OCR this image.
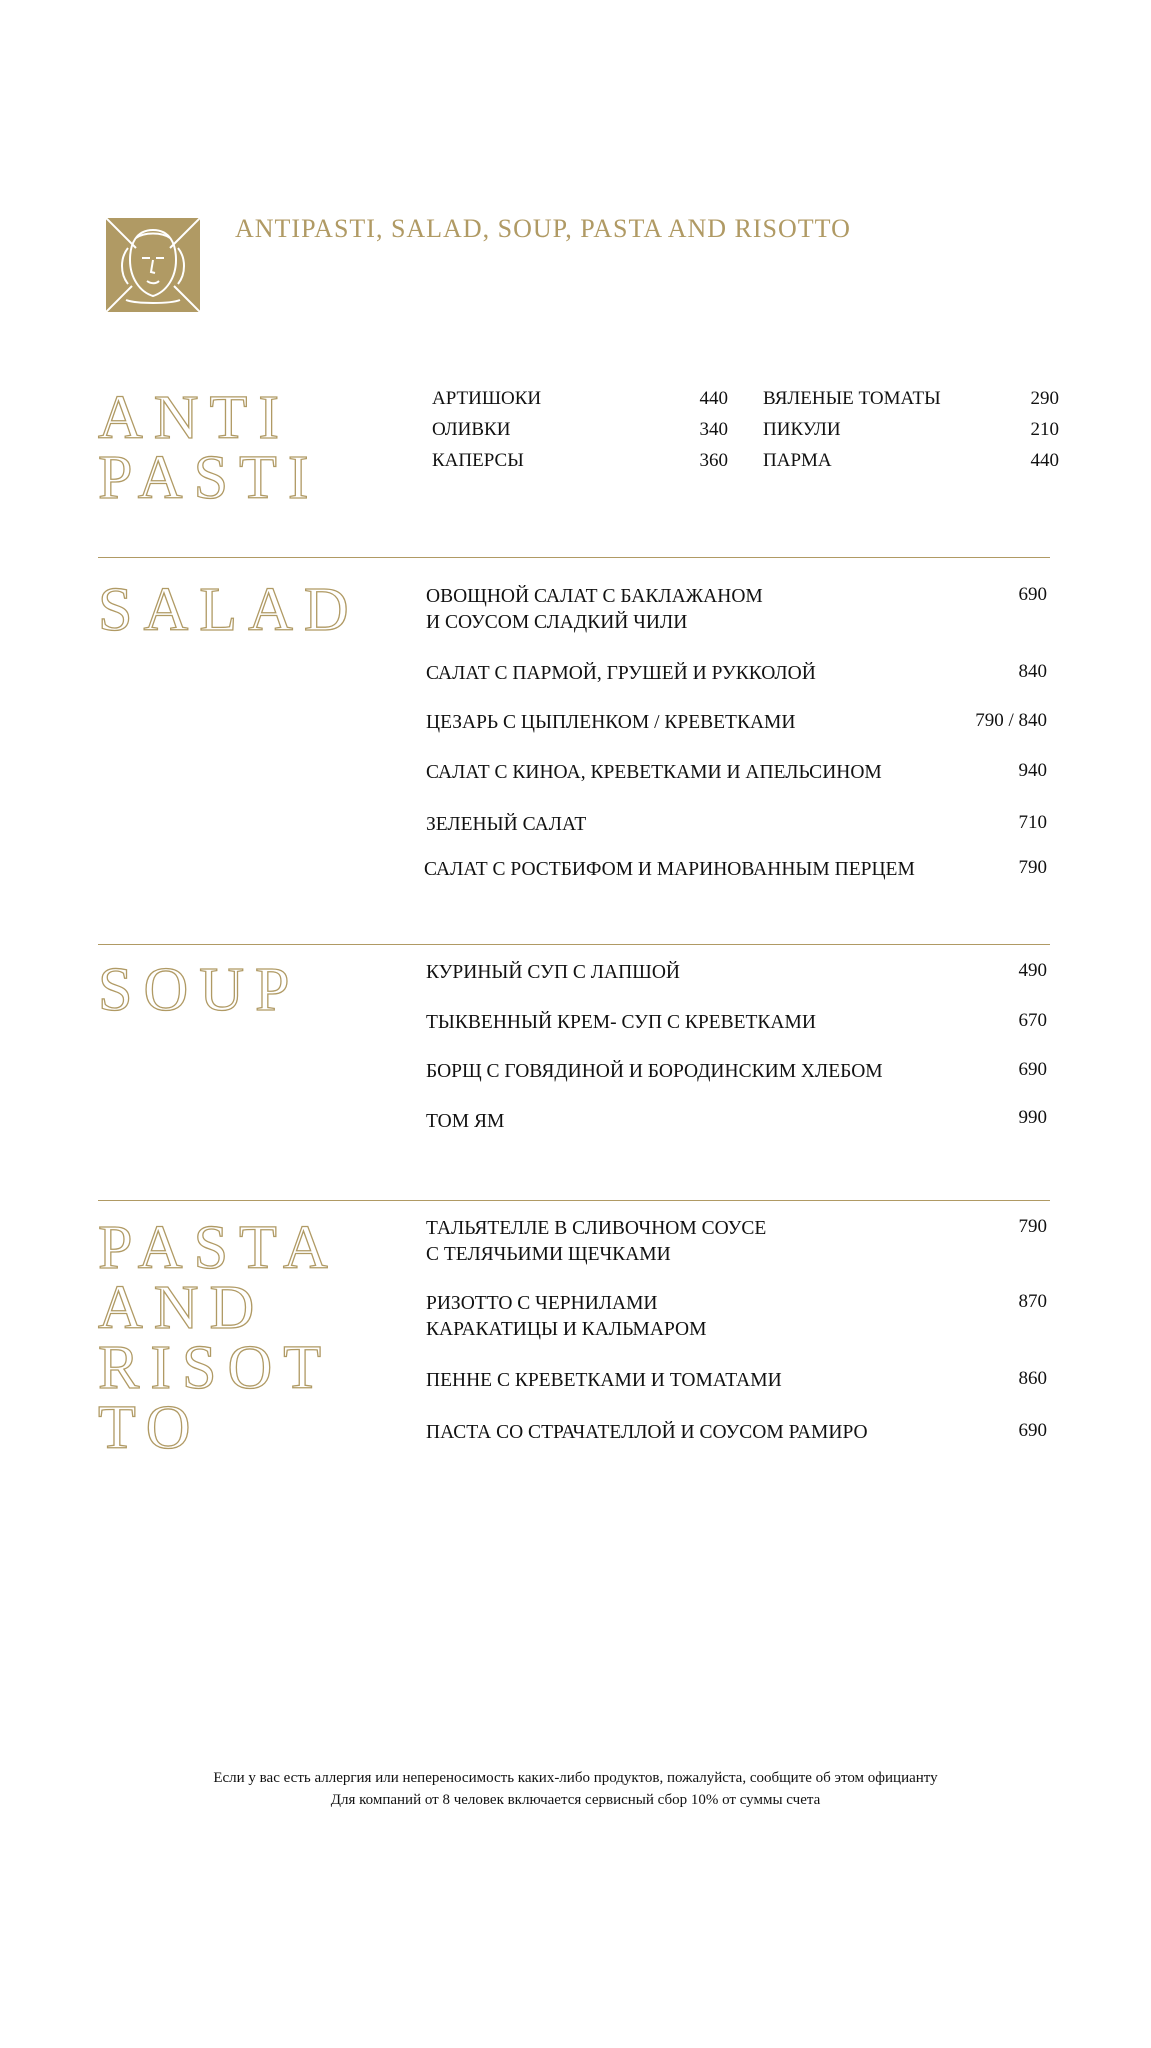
ANTIPASTI, SALAD, SOUP, PASTA AND RISOTTO
ANTI
PASTI
АРТИШОКИ	440
ОЛИВКИ	340
КАПЕРСЫ	360
ВЯЛЕНЫЕ ТОМАТЫ	290
ПИКУЛИ	210
ПАРМА	440
SALAD	ОВОЩНОЙ САЛАТ С БАКЛАЖАНОМ
И СОУСОМ СЛАДКИЙ ЧИЛИ
690
САЛАТ С ПАРМОЙ, ГРУШЕЙ И РУККОЛОЙ	840
ЦЕЗАРЬ С ЦЫПЛЕНКОМ / КРЕВЕТКАМИ	790 / 840
САЛАТ С КИНОА, КРЕВЕТКАМИ И АПЕЛЬСИНОМ	940
ЗЕЛЕНЫЙ САЛАТ	710
САЛАТ С РОСТБИФОМ И МАРИНОВАННЫМ ПЕРЦЕМ	790
SOUP	КУРИНЫЙ СУП С ЛАПШОЙ	490
ТЫКВЕННЫЙ КРЕМ- СУП С КРЕВЕТКАМИ	670
БОРЩ С ГОВЯДИНОЙ И БОРОДИНСКИМ ХЛЕБОМ	690
ТОМ ЯМ	990
PASTA
AND
RISOT
TO
ТАЛЬЯТЕЛЛЕ В СЛИВОЧНОМ СОУСЕ
С ТЕЛЯЧЬИМИ ЩЕЧКАМИ
790
РИЗОТТО С ЧЕРНИЛАМИ
КАРАКАТИЦЫ И КАЛЬМАРОМ
870
ПЕННЕ С КРЕВЕТКАМИ И ТОМАТАМИ	860
ПАСТА СО СТРАЧАТЕЛЛОЙ И СОУСОМ РАМИРО	690
Если у вас есть аллергия или непереносимость каких-либо продуктов, пожалуйста, сообщите об этом официанту
Для компаний от 8 человек включается сервисный сбор 10% от суммы счета
